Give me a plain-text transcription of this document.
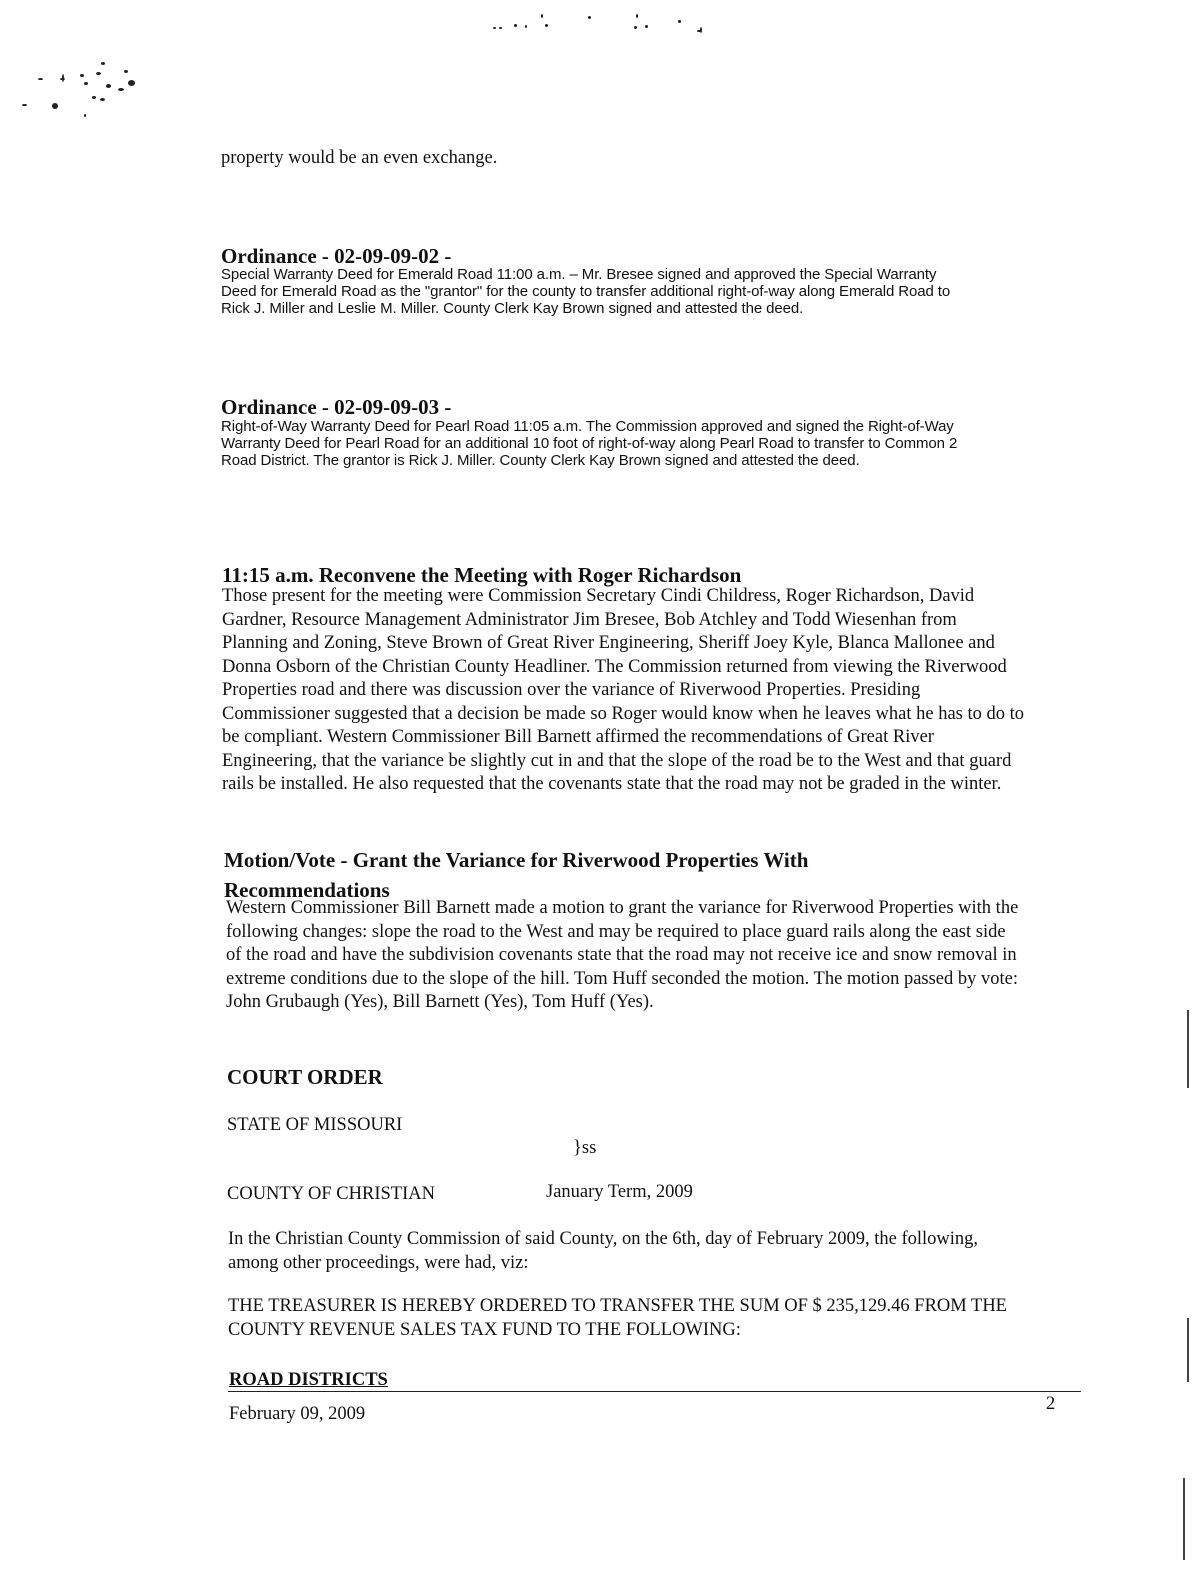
property would be an even exchange.
Ordinance - 02-09-09-02 -
Special Warranty Deed for Emerald Road 11:00 a.m. – Mr. Bresee signed and approved the Special Warranty
Deed for Emerald Road as the "grantor" for the county to transfer additional right-of-way along Emerald Road to
Rick J. Miller and Leslie M. Miller. County Clerk Kay Brown signed and attested the deed.
Ordinance - 02-09-09-03 -
Right-of-Way Warranty Deed for Pearl Road 11:05 a.m. The Commission approved and signed the Right-of-Way
Warranty Deed for Pearl Road for an additional 10 foot of right-of-way along Pearl Road to transfer to Common 2
Road District. The grantor is Rick J. Miller. County Clerk Kay Brown signed and attested the deed.
11:15 a.m. Reconvene the Meeting with Roger Richardson
Those present for the meeting were Commission Secretary Cindi Childress, Roger Richardson, David
Gardner, Resource Management Administrator Jim Bresee, Bob Atchley and Todd Wiesenhan from
Planning and Zoning, Steve Brown of Great River Engineering, Sheriff Joey Kyle, Blanca Mallonee and
Donna Osborn of the Christian County Headliner. The Commission returned from viewing the Riverwood
Properties road and there was discussion over the variance of Riverwood Properties. Presiding
Commissioner suggested that a decision be made so Roger would know when he leaves what he has to do to
be compliant. Western Commissioner Bill Barnett affirmed the recommendations of Great River
Engineering, that the variance be slightly cut in and that the slope of the road be to the West and that guard
rails be installed. He also requested that the covenants state that the road may not be graded in the winter.
Motion/Vote - Grant the Variance for Riverwood Properties With
Recommendations
Western Commissioner Bill Barnett made a motion to grant the variance for Riverwood Properties with the
following changes: slope the road to the West and may be required to place guard rails along the east side
of the road and have the subdivision covenants state that the road may not receive ice and snow removal in
extreme conditions due to the slope of the hill. Tom Huff seconded the motion. The motion passed by vote:
John Grubaugh (Yes), Bill Barnett (Yes), Tom Huff (Yes).
COURT ORDER
STATE OF MISSOURI
}ss
COUNTY OF CHRISTIAN	January Term, 2009
In the Christian County Commission of said County, on the 6th, day of February 2009, the following,
among other proceedings, were had, viz:
THE TREASURER IS HEREBY ORDERED TO TRANSFER THE SUM OF $ 235,129.46 FROM THE
COUNTY REVENUE SALES TAX FUND TO THE FOLLOWING:
ROAD DISTRICTS
February 09, 2009	2
